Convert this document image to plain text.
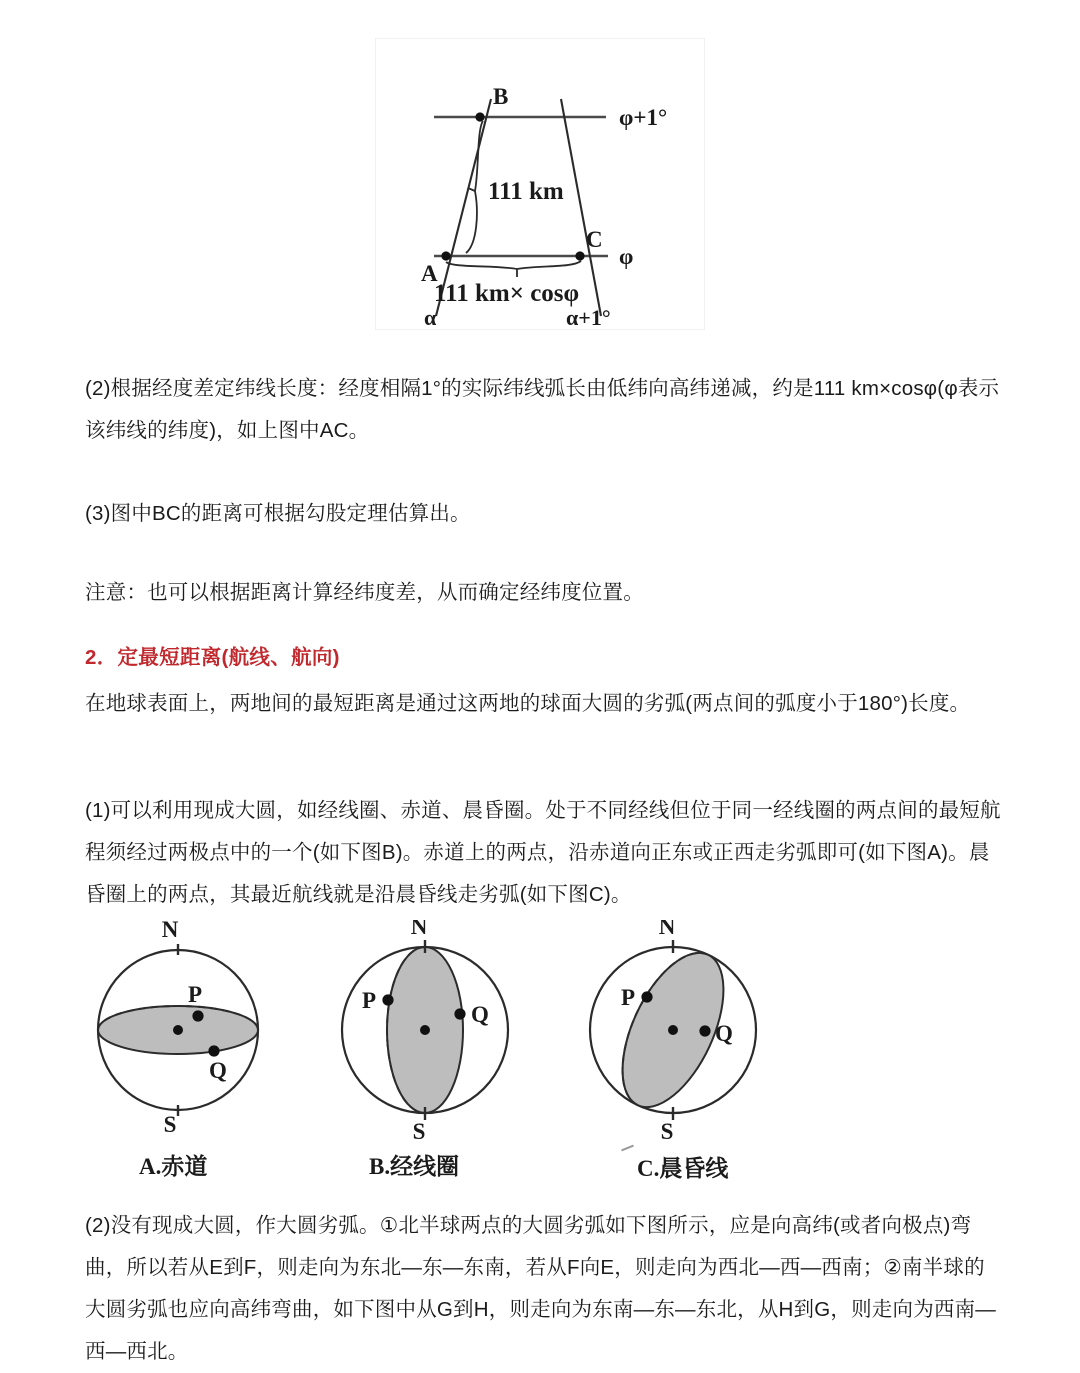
B
A
C
φ+1°
φ
α	α+1°
111 km
111 km× cosφ
(2)根据经度差定纬线长度：经度相隔1°的实际纬线弧长由低纬向高纬递减，约是111 km×cosφ(φ表示该纬线的纬度)，如上图中AC。
(3)图中BC的距离可根据勾股定理估算出。
注意：也可以根据距离计算经纬度差，从而确定经纬度位置。
2．定最短距离(航线、航向)
在地球表面上，两地间的最短距离是通过这两地的球面大圆的劣弧(两点间的弧度小于180°)长度。
(1)可以利用现成大圆，如经线圈、赤道、晨昏圈。处于不同经线但位于同一经线圈的两点间的最短航程须经过两极点中的一个(如下图B)。赤道上的两点，沿赤道向正东或正西走劣弧即可(如下图A)。晨昏圈上的两点，其最近航线就是沿晨昏线走劣弧(如下图C)。
N
S
P
Q
N
S
P
Q
N
S
P
Q
A.赤道	B.经线圈	C.晨昏线
(2)没有现成大圆，作大圆劣弧。①北半球两点的大圆劣弧如下图所示，应是向高纬(或者向极点)弯曲，所以若从E到F，则走向为东北—东—东南，若从F向E，则走向为西北—西—西南；②南半球的大圆劣弧也应向高纬弯曲，如下图中从G到H，则走向为东南—东—东北，从H到G，则走向为西南—西—西北。
